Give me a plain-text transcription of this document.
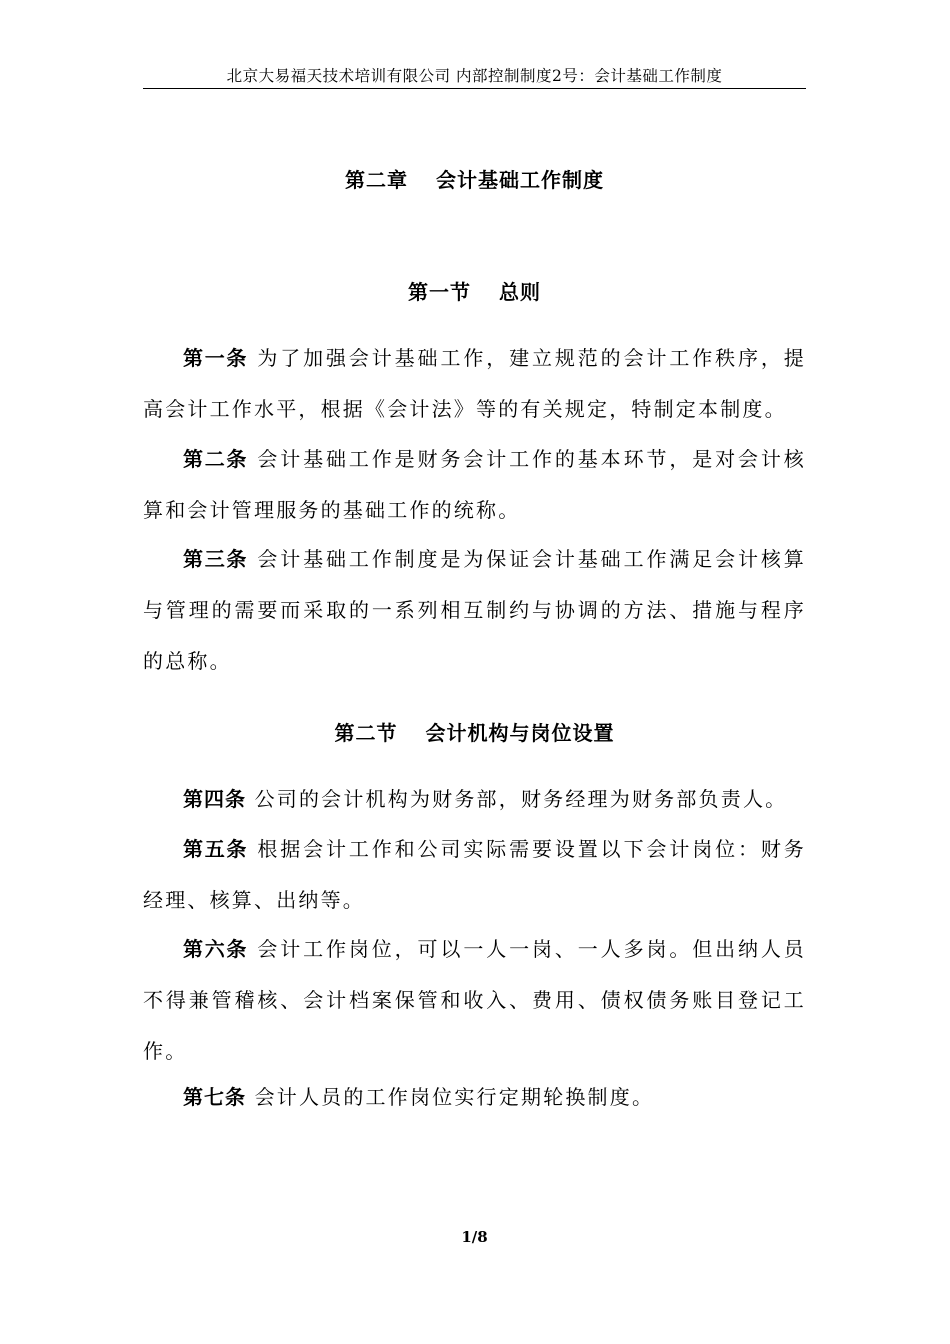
北京大易福天技术培训有限公司 内部控制制度2号：会计基础工作制度
第二章 会计基础工作制度
第一节 总则
第一条 为了加强会计基础工作，建立规范的会计工作秩序，提高会计工作水平，根据《会计法》等的有关规定，特制定本制度。
第二条 会计基础工作是财务会计工作的基本环节，是对会计核算和会计管理服务的基础工作的统称。
第三条 会计基础工作制度是为保证会计基础工作满足会计核算与管理的需要而采取的一系列相互制约与协调的方法、措施与程序的总称。
第二节 会计机构与岗位设置
第四条 公司的会计机构为财务部，财务经理为财务部负责人。
第五条 根据会计工作和公司实际需要设置以下会计岗位：财务经理、核算、出纳等。
第六条 会计工作岗位，可以一人一岗、一人多岗。但出纳人员不得兼管稽核、会计档案保管和收入、费用、债权债务账目登记工作。
第七条 会计人员的工作岗位实行定期轮换制度。
1/8
